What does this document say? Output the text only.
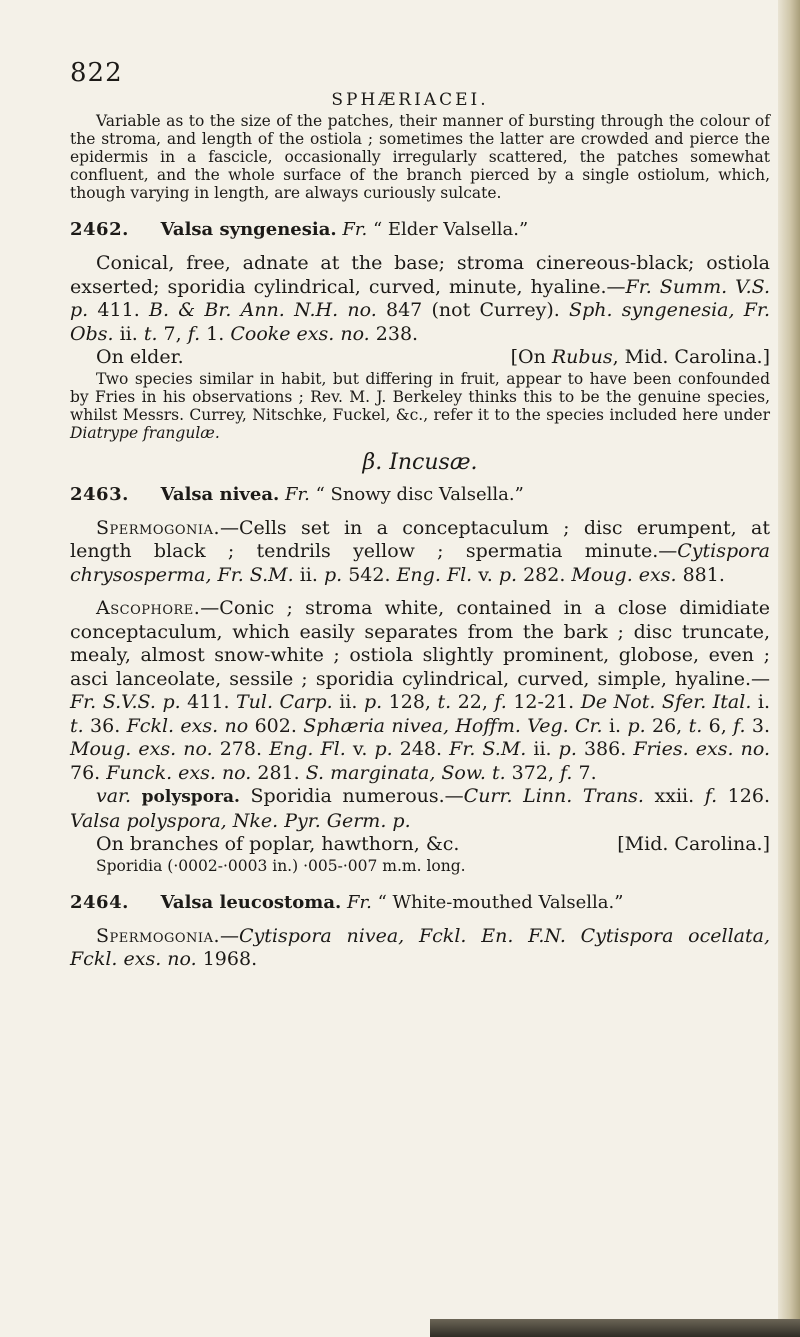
822
SPHÆRIACEI.

Variable as to the size of the patches, their manner of bursting through the colour of the stroma, and length of the ostiola ; sometimes the latter are crowded and pierce the epidermis in a fascicle, occasionally irregularly scattered, the patches somewhat confluent, and the whole surface of the branch pierced by a single ostiolum, which, though varying in length, are always curiously sulcate.

2462. Valsa syngenesia. Fr. “ Elder Valsella.”

Conical, free, adnate at the base; stroma cinereous-black; ostiola exserted; sporidia cylindrical, curved, minute, hyaline.—Fr. Summ. V.S. p. 411. B. & Br. Ann. N.H. no. 847 (not Currey). Sph. syngenesia, Fr. Obs. ii. t. 7, f. 1. Cooke exs. no. 238.

On elder.	[On Rubus, Mid. Carolina.]

Two species similar in habit, but differing in fruit, appear to have been confounded by Fries in his observations ; Rev. M. J. Berkeley thinks this to be the genuine species, whilst Messrs. Currey, Nitschke, Fuckel, &c., refer it to the species included here under Diatrype frangulæ.

β. Incusæ.

2463. Valsa nivea. Fr. “ Snowy disc Valsella.”

Spermogonia.—Cells set in a conceptaculum ; disc erumpent, at length black ; tendrils yellow ; spermatia minute.—Cytispora chrysosperma, Fr. S.M. ii. p. 542. Eng. Fl. v. p. 282. Moug. exs. 881.

Ascophore.—Conic ; stroma white, contained in a close dimidiate conceptaculum, which easily separates from the bark ; disc truncate, mealy, almost snow-white ; ostiola slightly prominent, globose, even ; asci lanceolate, sessile ; sporidia cylindrical, curved, simple, hyaline.—Fr. S.V.S. p. 411. Tul. Carp. ii. p. 128, t. 22, f. 12-21. De Not. Sfer. Ital. i. t. 36. Fckl. exs. no 602. Sphæria nivea, Hoffm. Veg. Cr. i. p. 26, t. 6, f. 3. Moug. exs. no. 278. Eng. Fl. v. p. 248. Fr. S.M. ii. p. 386. Fries. exs. no. 76. Funck. exs. no. 281. S. marginata, Sow. t. 372, f. 7.

var. polyspora. Sporidia numerous.—Curr. Linn. Trans. xxii. f. 126. Valsa polyspora, Nke. Pyr. Germ. p.

On branches of poplar, hawthorn, &c.	[Mid. Carolina.]

Sporidia (·0002-·0003 in.) ·005-·007 m.m. long.

2464. Valsa leucostoma. Fr. “ White-mouthed Valsella.”

Spermogonia.—Cytispora nivea, Fckl. En. F.N. Cytispora ocellata, Fckl. exs. no. 1968.
